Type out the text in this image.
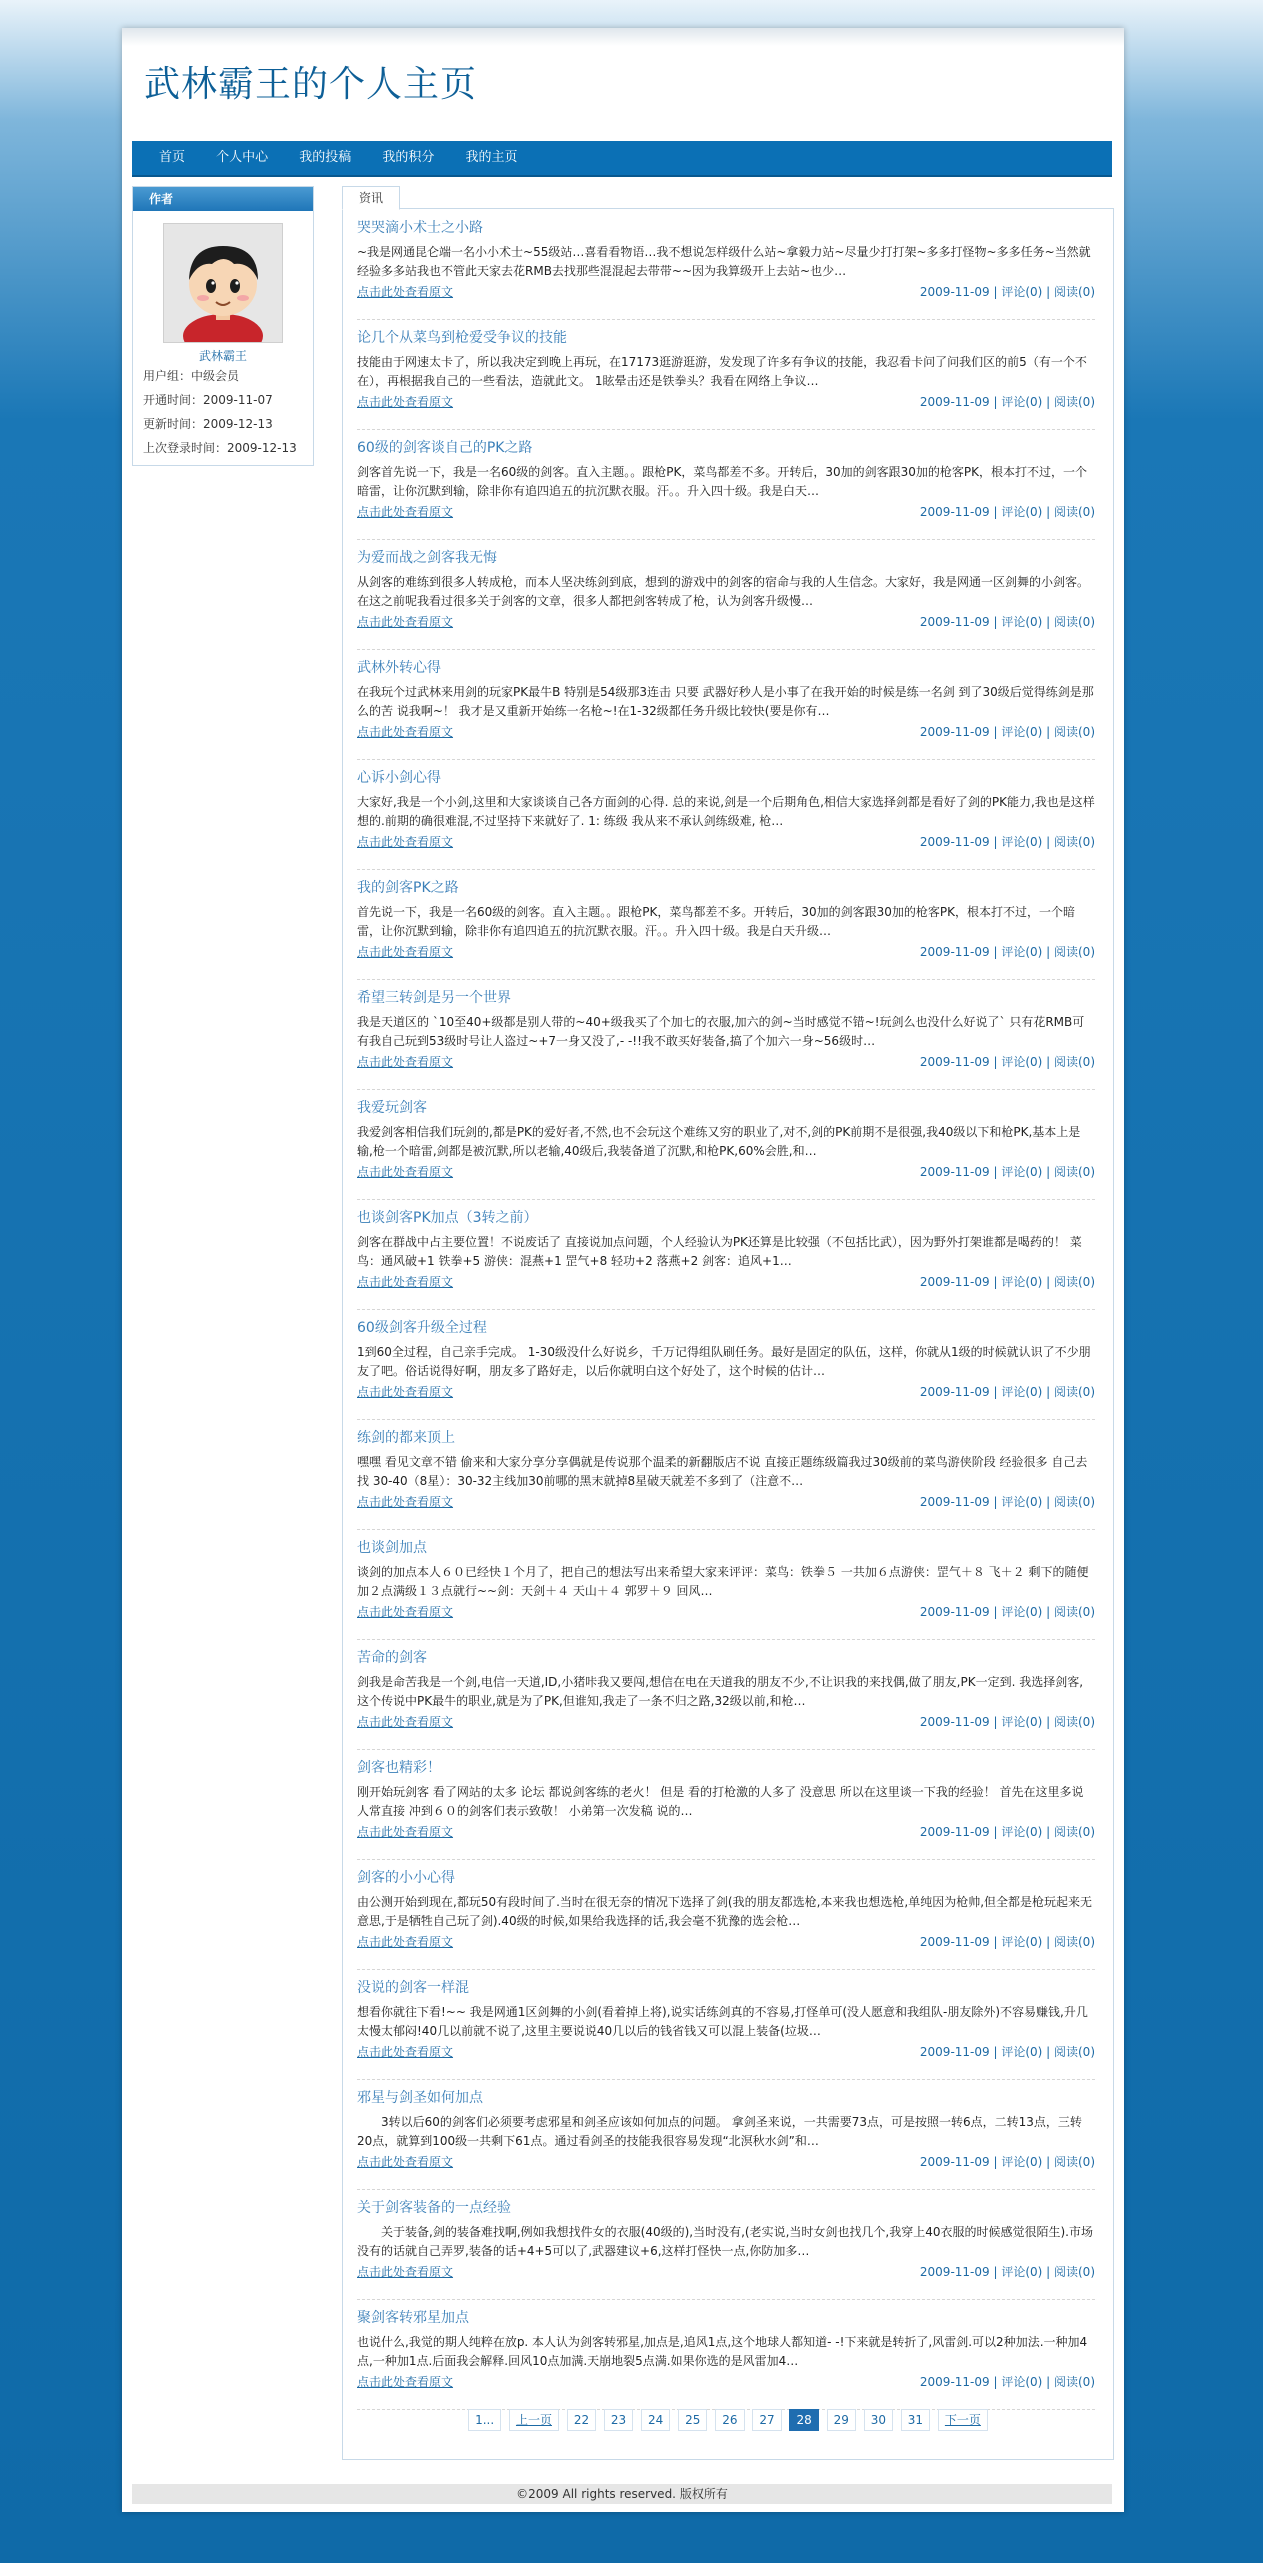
武林霸王的个人主页
首页 个人中心 我的投稿 我的积分 我的主页
作者
武林霸王
用户组：中级会员
开通时间：2009-11-07
更新时间：2009-12-13
上次登录时间：2009-12-13
资讯
哭哭滴小术士之小路
~我是网通昆仑端一名小小术士~55级站…喜看看物语…我不想说怎样级什么站~拿毅力站~尽量少打打架~多多打怪物~多多任务~当然就经验多多站我也不管此天家去花RMB去找那些混混起去带带~~因为我算级开上去站~也少…
点击此处查看原文	2009-11-09 | 评论(0) | 阅读(0)
论几个从菜鸟到枪爱受争议的技能
技能由于网速太卡了，所以我决定到晚上再玩，在17173逛游逛游，发发现了许多有争议的技能，我忍看卡问了问我们区的前5（有一个不在），再根据我自己的一些看法，造就此文。 1眩晕击还是铁拳头？我看在网络上争议…
点击此处查看原文	2009-11-09 | 评论(0) | 阅读(0)
60级的剑客谈自己的PK之路
剑客首先说一下，我是一名60级的剑客。直入主题。。跟枪PK，菜鸟都差不多。开转后，30加的剑客跟30加的枪客PK，根本打不过，一个暗雷，让你沉默到输，除非你有追四追五的抗沉默衣服。汗。。升入四十级。我是白天…
点击此处查看原文	2009-11-09 | 评论(0) | 阅读(0)
为爱而战之剑客我无悔
从剑客的难练到很多人转成枪，而本人坚决练剑到底，想到的游戏中的剑客的宿命与我的人生信念。大家好，我是网通一区剑舞的小剑客。在这之前呢我看过很多关于剑客的文章，很多人都把剑客转成了枪，认为剑客升级慢…
点击此处查看原文	2009-11-09 | 评论(0) | 阅读(0)
武林外转心得
在我玩个过武林来用剑的玩家PK最牛B 特别是54级那3连击 只要 武器好秒人是小事了在我开始的时候是练一名剑 到了30级后觉得练剑是那么的苦 说我啊~！ 我才是又重新开始练一名枪~!在1-32级都任务升级比较快(要是你有…
点击此处查看原文	2009-11-09 | 评论(0) | 阅读(0)
心诉小剑心得
大家好,我是一个小剑,这里和大家谈谈自己各方面剑的心得. 总的来说,剑是一个后期角色,相信大家选择剑都是看好了剑的PK能力,我也是这样想的.前期的确很难混,不过坚持下来就好了. 1: 练级 我从来不承认剑练级难, 枪…
点击此处查看原文	2009-11-09 | 评论(0) | 阅读(0)
我的剑客PK之路
首先说一下，我是一名60级的剑客。直入主题。。跟枪PK，菜鸟都差不多。开转后，30加的剑客跟30加的枪客PK，根本打不过，一个暗雷，让你沉默到输，除非你有追四追五的抗沉默衣服。汗。。升入四十级。我是白天升级…
点击此处查看原文	2009-11-09 | 评论(0) | 阅读(0)
希望三转剑是另一个世界
我是天道区的 `10至40+级都是别人带的~40+级我买了个加七的衣服,加六的剑~当时感觉不错~!玩剑么也没什么好说了` 只有花RMB可有我自己玩到53级时号让人盗过~+7一身又没了,- -!!我不敢买好装备,搞了个加六一身~56级时…
点击此处查看原文	2009-11-09 | 评论(0) | 阅读(0)
我爱玩剑客
我爱剑客相信我们玩剑的,都是PK的爱好者,不然,也不会玩这个难练又穷的职业了,对不,剑的PK前期不是很强,我40级以下和枪PK,基本上是输,枪一个暗雷,剑都是被沉默,所以老输,40级后,我装备道了沉默,和枪PK,60%会胜,和…
点击此处查看原文	2009-11-09 | 评论(0) | 阅读(0)
也谈剑客PK加点（3转之前）
剑客在群战中占主要位置！不说废话了 直接说加点问题，个人经验认为PK还算是比较强（不包括比武），因为野外打架谁都是喝药的！ 菜鸟：通风破+1 铁拳+5 游侠：混燕+1 罡气+8 轻功+2 落燕+2 剑客：追风+1…
点击此处查看原文	2009-11-09 | 评论(0) | 阅读(0)
60级剑客升级全过程
1到60全过程，自己亲手完成。 1-30级没什么好说乡，千万记得组队刷任务。最好是固定的队伍，这样，你就从1级的时候就认识了不少朋友了吧。俗话说得好啊，朋友多了路好走，以后你就明白这个好处了，这个时候的估计…
点击此处查看原文	2009-11-09 | 评论(0) | 阅读(0)
练剑的都来顶上
嘿嘿 看见文章不错 偷来和大家分享分享偶就是传说那个温柔的新翻版店不说 直接正题练级篇我过30级前的菜鸟游侠阶段 经验很多 自己去找 30-40（8星）：30-32主线加30前哪的黑末就掉8星破天就差不多到了（注意不…
点击此处查看原文	2009-11-09 | 评论(0) | 阅读(0)
也谈剑加点
谈剑的加点本人６０已经快１个月了，把自己的想法写出来希望大家来评评：菜鸟：铁拳５ 一共加６点游侠：罡气＋８ 飞＋２ 剩下的随便加２点满级１３点就行~~剑：天剑＋４ 天山＋４ 郭罗＋９ 回风…
点击此处查看原文	2009-11-09 | 评论(0) | 阅读(0)
苦命的剑客
剑我是命苦我是一个剑,电信一天道,ID,小猪咔我又要闯,想信在电在天道我的朋友不少,不让识我的来找偶,做了朋友,PK一定到. 我选择剑客,这个传说中PK最牛的职业,就是为了PK,但谁知,我走了一条不归之路,32级以前,和枪…
点击此处查看原文	2009-11-09 | 评论(0) | 阅读(0)
剑客也精彩！
刚开始玩剑客 看了网站的太多 论坛 都说剑客练的老火！ 但是 看的打枪激的人多了 没意思 所以在这里谈一下我的经验！ 首先在这里多说人常直接 冲到６０的剑客们表示致敬！ 小弟第一次发稿 说的…
点击此处查看原文	2009-11-09 | 评论(0) | 阅读(0)
剑客的小小心得
由公测开始到现在,都玩50有段时间了.当时在很无奈的情况下选择了剑(我的朋友都选枪,本来我也想选枪,单纯因为枪帅,但全都是枪玩起来无意思,于是牺牲自己玩了剑).40级的时候,如果给我选择的话,我会毫不犹豫的选会枪…
点击此处查看原文	2009-11-09 | 评论(0) | 阅读(0)
没说的剑客一样混
想看你就往下看!~~ 我是网通1区剑舞的小剑(看着掉上将),说实话练剑真的不容易,打怪单可(没人愿意和我组队-朋友除外)不容易赚钱,升几太慢太郁闷!40几以前就不说了,这里主要说说40几以后的钱省钱又可以混上装备(垃圾…
点击此处查看原文	2009-11-09 | 评论(0) | 阅读(0)
邪星与剑圣如何加点
　　3转以后60的剑客们必须要考虑邪星和剑圣应该如何加点的问题。 拿剑圣来说，一共需要73点，可是按照一转6点，二转13点，三转20点，就算到100级一共剩下61点。通过看剑圣的技能我很容易发现“北溟秋水剑”和…
点击此处查看原文	2009-11-09 | 评论(0) | 阅读(0)
关于剑客装备的一点经验
　　关于装备,剑的装备难找啊,例如我想找件女的衣服(40级的),当时没有,(老实说,当时女剑也找几个,我穿上40衣服的时候感觉很陌生).市场没有的话就自己弄罗,装备的话+4+5可以了,武器建议+6,这样打怪快一点,你防加多…
点击此处查看原文	2009-11-09 | 评论(0) | 阅读(0)
聚剑客转邪星加点
也说什么,我觉的期人纯粹在放p. 本人认为剑客转邪星,加点是,追风1点,这个地球人都知道- -!下来就是转折了,风雷剑.可以2种加法.一种加4点,一种加1点.后面我会解释.回风10点加满.天崩地裂5点满.如果你选的是风雷加4…
点击此处查看原文	2009-11-09 | 评论(0) | 阅读(0)
1... 上一页 22 23 24 25 26 27 28 29 30 31 下一页
©2009 All rights reserved. 版权所有
